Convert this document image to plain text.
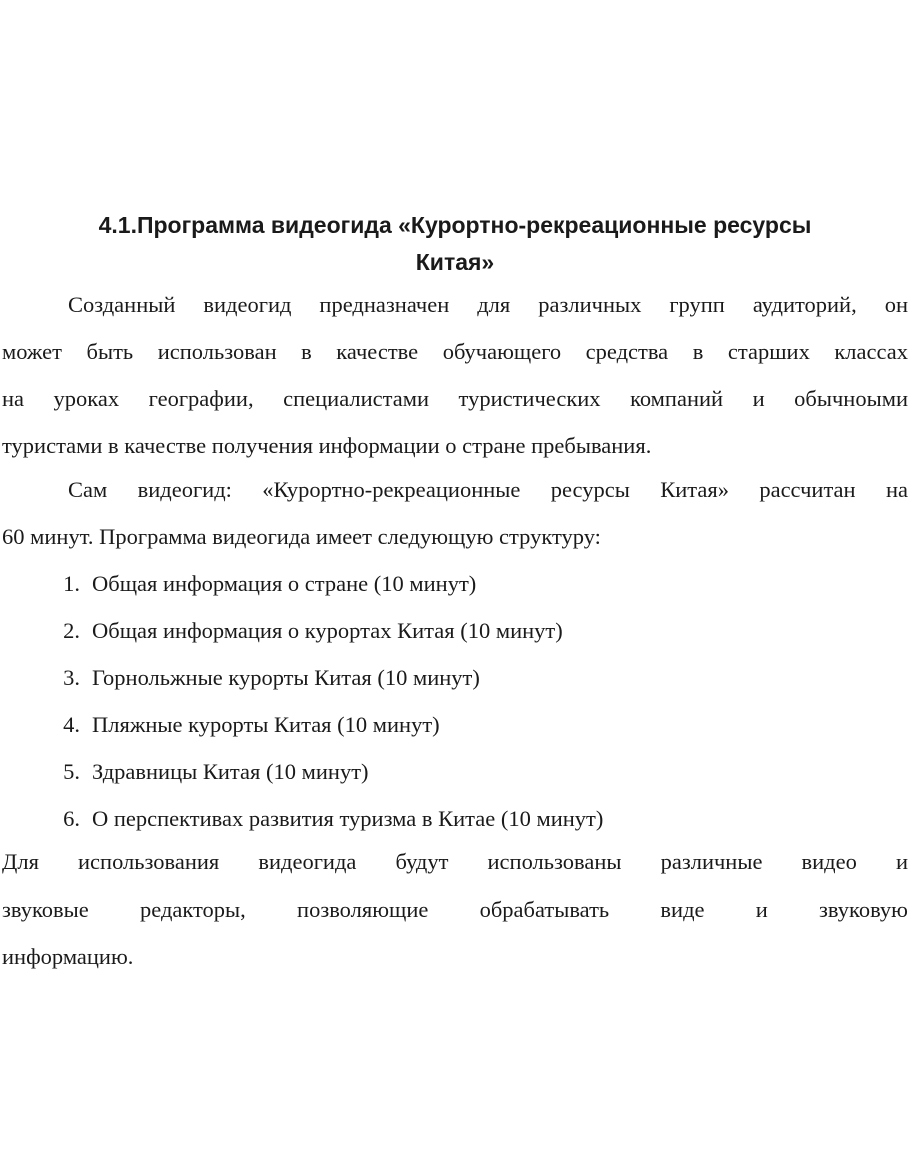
4.1.Программа видеогида «Курортно-рекреационные ресурсы
Китая»
Созданный видеогид предназначен для различных групп аудиторий, он
может быть использован в качестве обучающего средства в старших классах
на уроках географии, специалистами туристических компаний и обычноыми
туристами в качестве получения информации о стране пребывания.
Сам видеогид: «Курортно-рекреационные ресурсы Китая» рассчитан на
60 минут. Программа видеогида имеет следующую структуру:
1. Общая информация о стране (10 минут)
2. Общая информация о курортах Китая (10 минут)
3. Горнольжные курорты Китая (10 минут)
4. Пляжные курорты Китая (10 минут)
5. Здравницы Китая (10 минут)
6. О перспективах развития туризма в Китае (10 минут)
Для использования видеогида будут использованы различные видео и
звуковые редакторы, позволяющие обрабатывать виде и звуковую
информацию.
